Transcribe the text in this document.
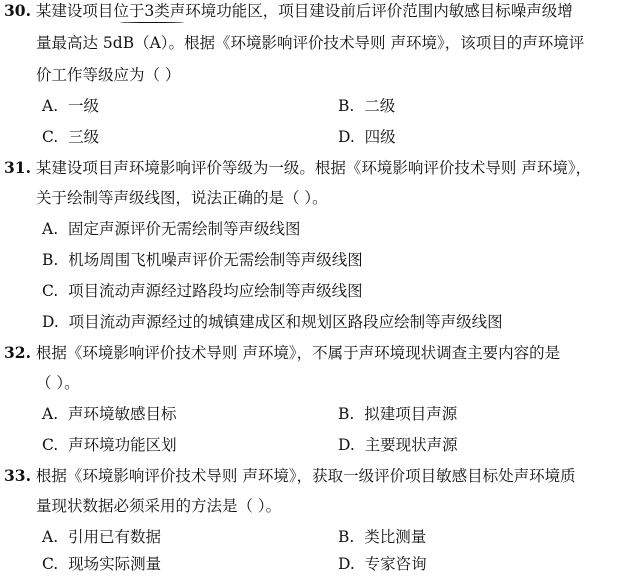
30. 某建设项目位于3类声环境功能区，项目建设前后评价范围内敏感目标噪声级增
量最高达 5dB（A）。根据《环境影响评价技术导则 声环境》，该项目的声环境评
价工作等级应为（ ）
A. 一级	B. 二级
C. 三级	D. 四级
31. 某建设项目声环境影响评价等级为一级。根据《环境影响评价技术导则 声环境》，
关于绘制等声级线图，说法正确的是（ ）。
A. 固定声源评价无需绘制等声级线图
B. 机场周围飞机噪声评价无需绘制等声级线图
C. 项目流动声源经过路段均应绘制等声级线图
D. 项目流动声源经过的城镇建成区和规划区路段应绘制等声级线图
32. 根据《环境影响评价技术导则 声环境》，不属于声环境现状调查主要内容的是
（ ）。
A. 声环境敏感目标	B. 拟建项目声源
C. 声环境功能区划	D. 主要现状声源
33. 根据《环境影响评价技术导则 声环境》，获取一级评价项目敏感目标处声环境质
量现状数据必须采用的方法是（ ）。
A. 引用已有数据	B. 类比测量
C. 现场实际测量	D. 专家咨询
